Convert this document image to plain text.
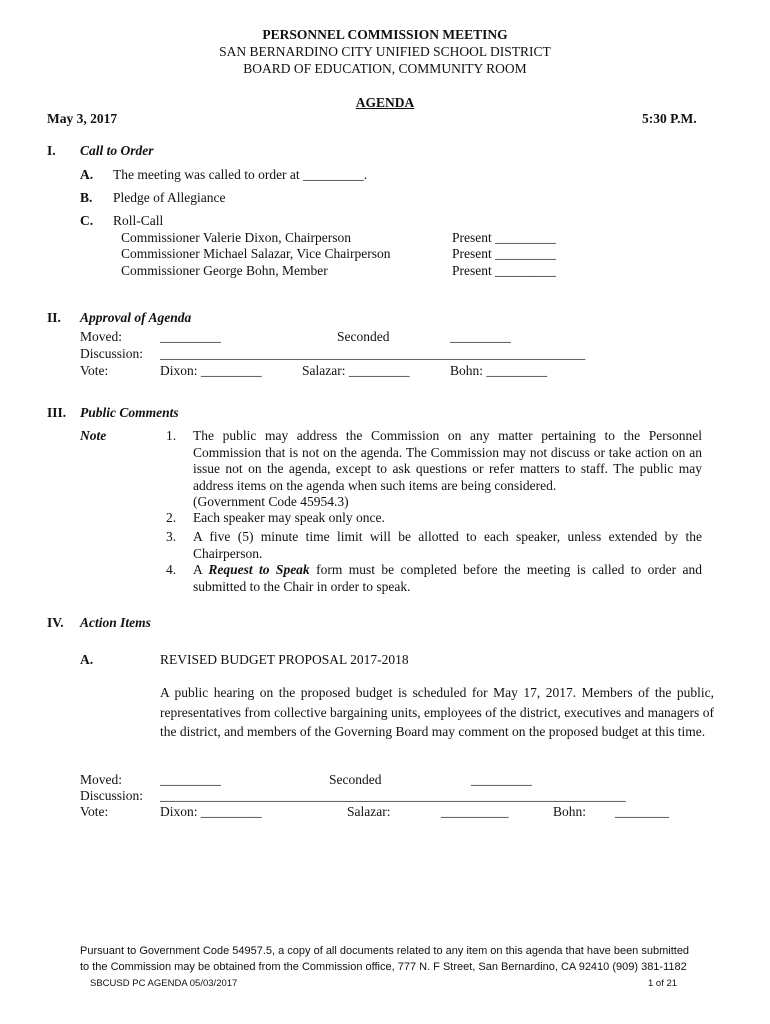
PERSONNEL COMMISSION MEETING
SAN BERNARDINO CITY UNIFIED SCHOOL DISTRICT
BOARD OF EDUCATION, COMMUNITY ROOM
AGENDA
May 3, 2017	5:30 P.M.
I. Call to Order
A. The meeting was called to order at _________.
B. Pledge of Allegiance
C. Roll-Call
Commissioner Valerie Dixon, Chairperson	Present _________
Commissioner Michael Salazar, Vice Chairperson	Present _________
Commissioner George Bohn, Member	Present _________
II. Approval of Agenda
Moved:	_________	Seconded	_________
Discussion: _______________________________________________________________
Vote:	Dixon: _________	Salazar: _________	Bohn: _________
III. Public Comments
Note	1. The public may address the Commission on any matter pertaining to the Personnel Commission that is not on the agenda. The Commission may not discuss or take action on an issue not on the agenda, except to ask questions or refer matters to staff. The public may address items on the agenda when such items are being considered.
(Government Code 45954.3)
2. Each speaker may speak only once.
3. A five (5) minute time limit will be allotted to each speaker, unless extended by the Chairperson.
4. A Request to Speak form must be completed before the meeting is called to order and submitted to the Chair in order to speak.
IV. Action Items
A.	REVISED BUDGET PROPOSAL 2017-2018
A public hearing on the proposed budget is scheduled for May 17, 2017. Members of the public, representatives from collective bargaining units, employees of the district, executives and managers of the district, and members of the Governing Board may comment on the proposed budget at this time.
Moved:	_________	Seconded	_________
Discussion: _____________________________________________________________________
Vote:	Dixon: _________	Salazar:	__________	Bohn: ________
Pursuant to Government Code 54957.5, a copy of all documents related to any item on this agenda that have been submitted
to the Commission may be obtained from the Commission office, 777 N. F Street, San Bernardino, CA 92410 (909) 381-1182
SBCUSD PC AGENDA 05/03/2017	1 of 21
